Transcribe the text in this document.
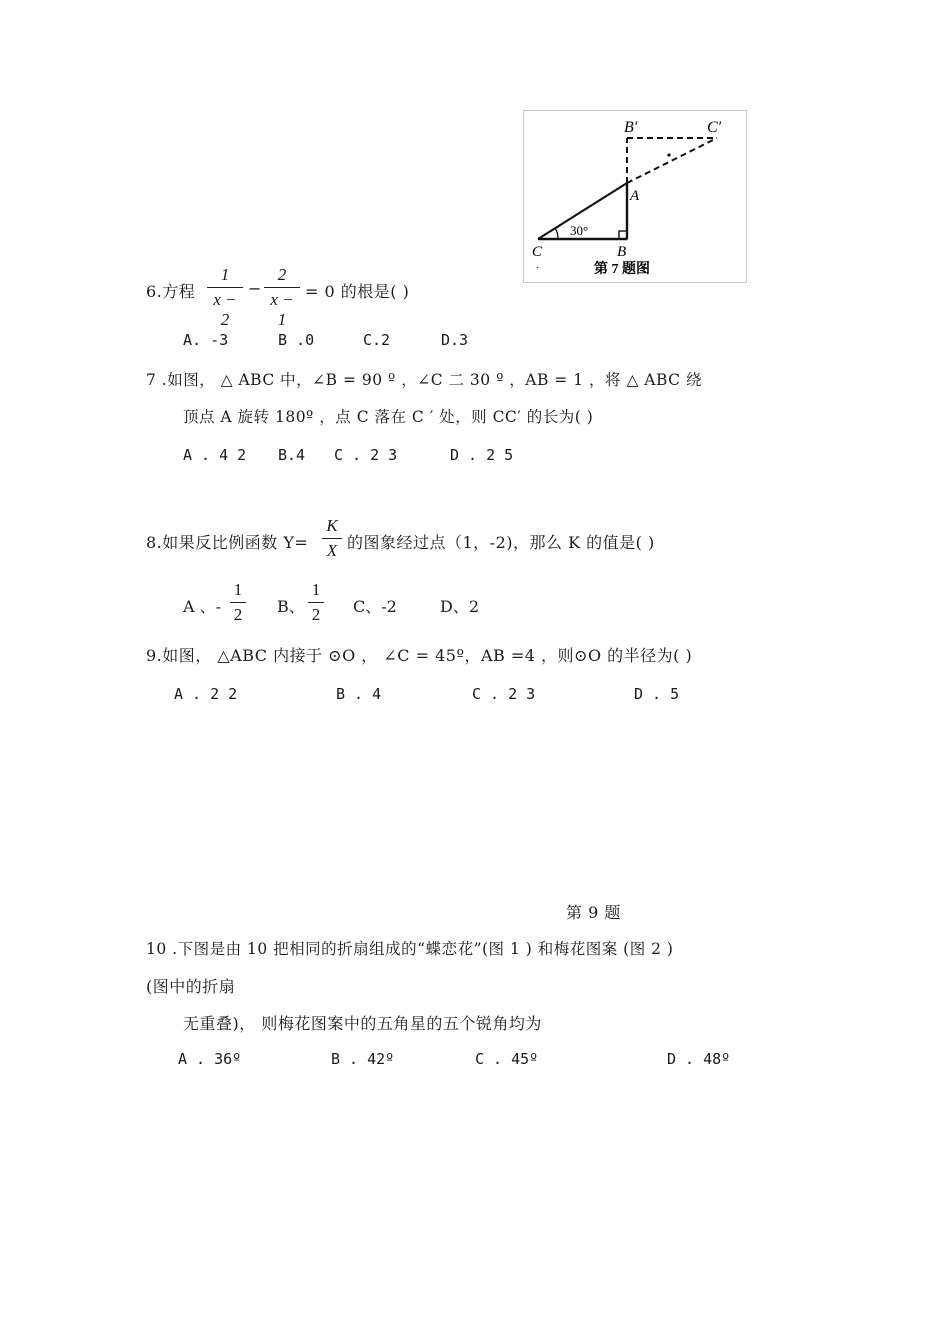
B′	C′
A
C	B
30°
·	第 7 题图
6.方程
1
x − 2
−
2
x − 1
= 0 的根是( )
A. -3	B .0	C.2	D.3
7 .如图， △ ABC 中，∠B = 90 º ，∠C 二 30 º ，AB = 1 ，将 △ ABC 绕
顶点 A 旋转 180º ，点 C 落在 C ′ 处，则 CC′ 的长为( )
A . 4 2 B.4 C . 2 3	D . 2 5
8.如果反比例函数 Y=
K
X 的图象经过点（1，-2)，那么 K 的值是( )
A 、-
1
2 B、
1
2 C、-2	D、2
9.如图， △ABC 内接于 ⊙O ， ∠C = 45º，AB =4 ，则⊙O 的半径为( )
A . 2 2	B . 4	C . 2 3	D . 5
第 9 题
10 .下图是由 10 把相同的折扇组成的“蝶恋花”(图 1 ) 和梅花图案 (图 2 )
(图中的折扇
无重叠)， 则梅花图案中的五角星的五个锐角均为
A . 36º	B . 42º	C . 45º	D . 48º
